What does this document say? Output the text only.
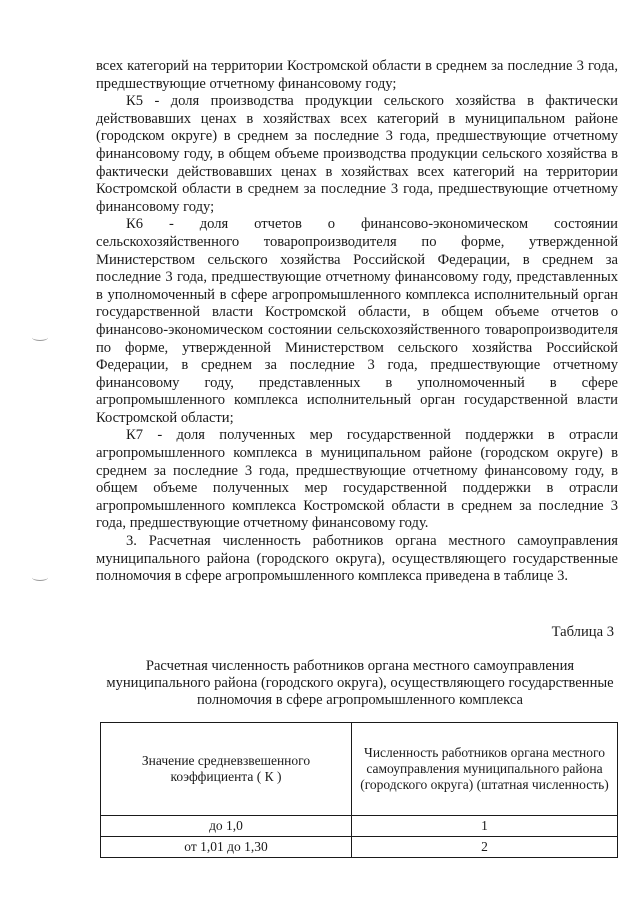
всех категорий на территории Костромской области в среднем за последние 3 года, предшествующие отчетному финансовому году;

К5 - доля производства продукции сельского хозяйства в фактически действовавших ценах в хозяйствах всех категорий в муниципальном районе (городском округе) в среднем за последние 3 года, предшествующие отчетному финансовому году, в общем объеме производства продукции сельского хозяйства в фактически действовавших ценах в хозяйствах всех категорий на территории Костромской области в среднем за последние 3 года, предшествующие отчетному финансовому году;

К6 - доля отчетов о финансово-экономическом состоянии сельскохозяйственного товаропроизводителя по форме, утвержденной Министерством сельского хозяйства Российской Федерации, в среднем за последние 3 года, предшествующие отчетному финансовому году, представленных в уполномоченный в сфере агропромышленного комплекса исполнительный орган государственной власти Костромской области, в общем объеме отчетов о финансово-экономическом состоянии сельскохозяйственного товаропроизводителя по форме, утвержденной Министерством сельского хозяйства Российской Федерации, в среднем за последние 3 года, предшествующие отчетному финансовому году, представленных в уполномоченный в сфере агропромышленного комплекса исполнительный орган государственной власти Костромской области;

К7 - доля полученных мер государственной поддержки в отрасли агропромышленного комплекса в муниципальном районе (городском округе) в среднем за последние 3 года, предшествующие отчетному финансовому году, в общем объеме полученных мер государственной поддержки в отрасли агропромышленного комплекса Костромской области в среднем за последние 3 года, предшествующие отчетному финансовому году.

3. Расчетная численность работников органа местного самоуправления муниципального района (городского округа), осуществляющего государственные полномочия в сфере агропромышленного комплекса приведена в таблице 3.

Таблица 3
Расчетная численность работников органа местного самоуправления муниципального района (городского округа), осуществляющего государственные полномочия в сфере агропромышленного комплекса
Значение средневзвешенного коэффициента ( К )	Численность работников органа местного самоуправления муниципального района (городского округа) (штатная численность)
до 1,0	1
от 1,01 до 1,30	2
